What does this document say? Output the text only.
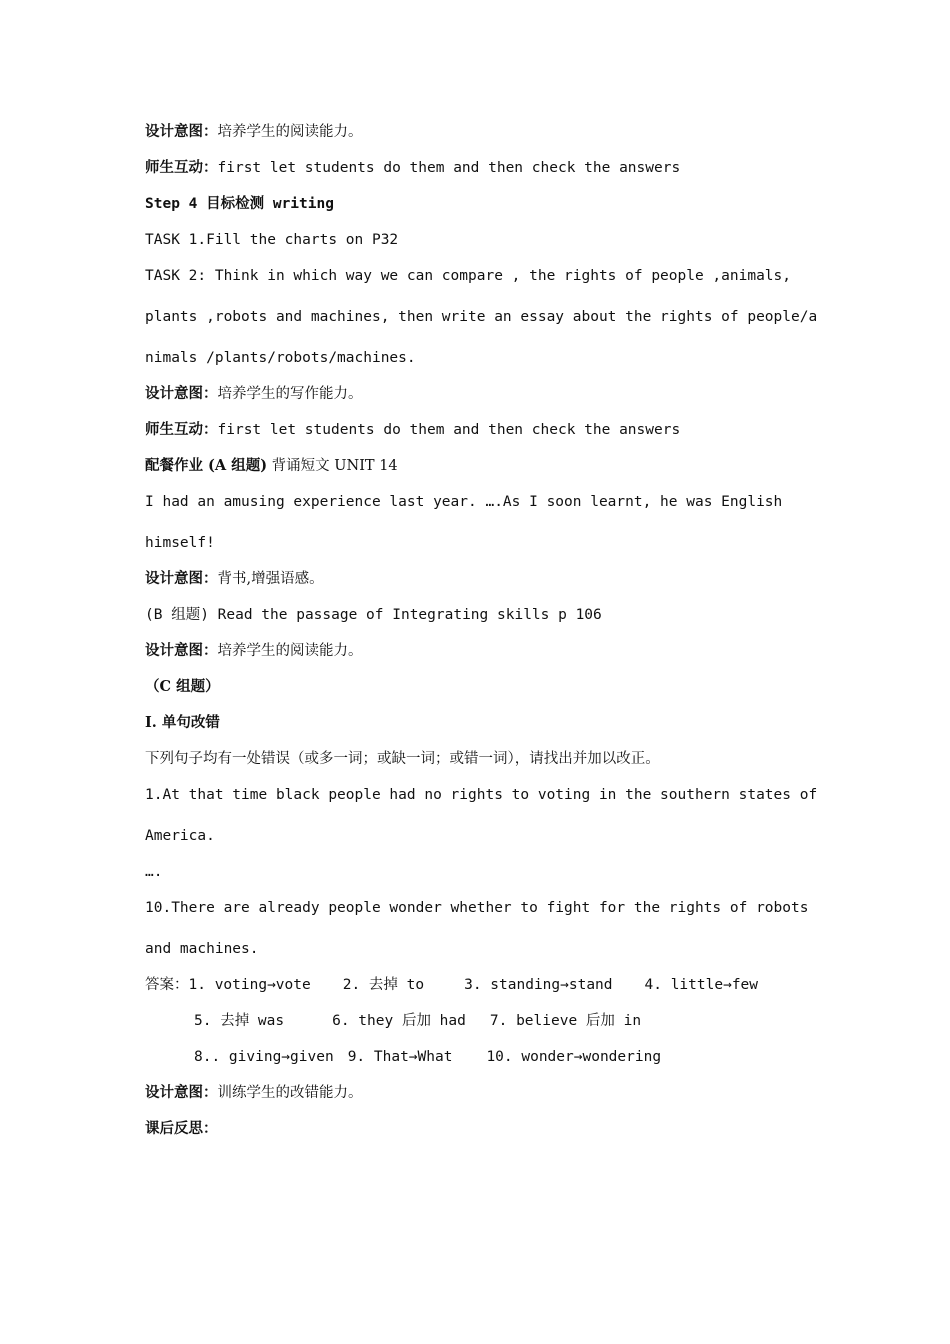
设计意图：培养学生的阅读能力。
师生互动：first let students do them and then check the answers
Step 4 目标检测 writing
TASK 1.Fill the charts on P32
TASK 2: Think in which way we can compare , the rights of people ,animals,
plants ,robots and machines, then write an essay about the rights of people/a
nimals /plants/robots/machines.
设计意图：培养学生的写作能力。
师生互动：first let students do them and then check the answers
配餐作业 (A 组题) 背诵短文 UNIT 14
I had an amusing experience last year. ….As I soon learnt, he was English
himself!
设计意图：背书,增强语感。
(B 组题) Read the passage of Integrating skills p 106
设计意图：培养学生的阅读能力。
（C 组题）
Ⅰ. 单句改错
下列句子均有一处错误（或多一词；或缺一词；或错一词），请找出并加以改正。
1.At that time black people had no rights to voting in the southern states of
America.
….
10.There are already people wonder whether to fight for the rights of robots
and machines.
答案：1. voting→vote 2. 去掉 to	3. standing→stand 4. little→few
5. 去掉 was	6. they 后加 had 7. believe 后加 in
8.. giving→given 9. That→What 10. wonder→wondering
设计意图：训练学生的改错能力。
课后反思：
